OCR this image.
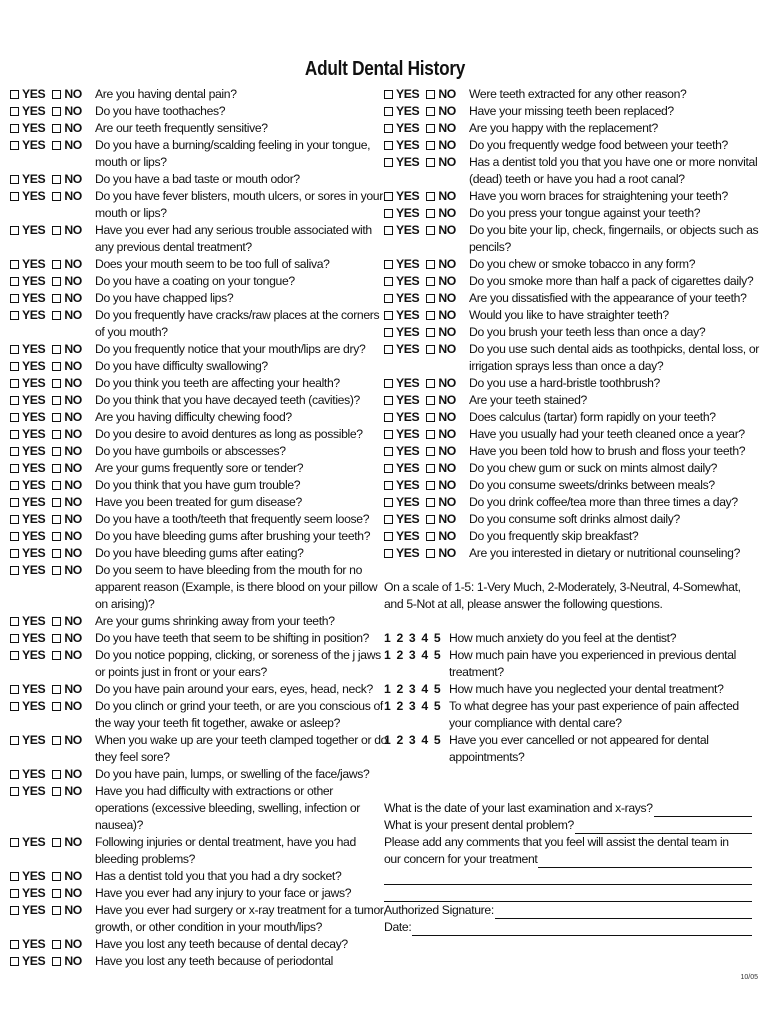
Adult Dental History
YES NO Are you having dental pain?
YES NO Do you have toothaches?
YES NO Are our teeth frequently sensitive?
YES NO Do you have a burning/scalding feeling in your tongue, mouth or lips?
YES NO Do you have a bad taste or mouth odor?
YES NO Do you have fever blisters, mouth ulcers, or sores in your mouth or lips?
YES NO Have you ever had any serious trouble associated with any previous dental treatment?
YES NO Does your mouth seem to be too full of saliva?
YES NO Do you have a coating on your tongue?
YES NO Do you have chapped lips?
YES NO Do you frequently have cracks/raw places at the corners of you mouth?
YES NO Do you frequently notice that your mouth/lips are dry?
YES NO Do you have difficulty swallowing?
YES NO Do you think you teeth are affecting your health?
YES NO Do you think that you have decayed teeth (cavities)?
YES NO Are you having difficulty chewing food?
YES NO Do you desire to avoid dentures as long as possible?
YES NO Do you have gumboils or abscesses?
YES NO Are your gums frequently sore or tender?
YES NO Do you think that you have gum trouble?
YES NO Have you been treated for gum disease?
YES NO Do you have a tooth/teeth that frequently seem loose?
YES NO Do you have bleeding gums after brushing your teeth?
YES NO Do you have bleeding gums after eating?
YES NO Do you seem to have bleeding from the mouth for no apparent reason (Example, is there blood on your pillow on arising)?
YES NO Are your gums shrinking away from your teeth?
YES NO Do you have teeth that seem to be shifting in position?
YES NO Do you notice popping, clicking, or soreness of the j jaws or points just in front or your ears?
YES NO Do you have pain around your ears, eyes, head, neck?
YES NO Do you clinch or grind your teeth, or are you conscious of the way your teeth fit together, awake or asleep?
YES NO When you wake up are your teeth clamped together or do they feel sore?
YES NO Do you have pain, lumps, or swelling of the face/jaws?
YES NO Have you had difficulty with extractions or other operations (excessive bleeding, swelling, infection or nausea)?
YES NO Following injuries or dental treatment, have you had bleeding problems?
YES NO Has a dentist told you that you had a dry socket?
YES NO Have you ever had any injury to your face or jaws?
YES NO Have you ever had surgery or x-ray treatment for a tumor, growth, or other condition in your mouth/lips?
YES NO Have you lost any teeth because of dental decay?
YES NO Have you lost any teeth because of periodontal
YES NO Were teeth extracted for any other reason?
YES NO Have your missing teeth been replaced?
YES NO Are you happy with the replacement?
YES NO Do you frequently wedge food between your teeth?
YES NO Has a dentist told you that you have one or more nonvital (dead) teeth or have you had a root canal?
YES NO Have you worn braces for straightening your teeth?
YES NO Do you press your tongue against your teeth?
YES NO Do you bite your lip, check, fingernails, or objects such as pencils?
YES NO Do you chew or smoke tobacco in any form?
YES NO Do you smoke more than half a pack of cigarettes daily?
YES NO Are you dissatisfied with the appearance of your teeth?
YES NO Would you like to have straighter teeth?
YES NO Do you brush your teeth less than once a day?
YES NO Do you use such dental aids as toothpicks, dental loss, or irrigation sprays less than once a day?
YES NO Do you use a hard-bristle toothbrush?
YES NO Are your teeth stained?
YES NO Does calculus (tartar) form rapidly on your teeth?
YES NO Have you usually had your teeth cleaned once a year?
YES NO Have you been told how to brush and floss your teeth?
YES NO Do you chew gum or suck on mints almost daily?
YES NO Do you consume sweets/drinks between meals?
YES NO Do you drink coffee/tea more than three times a day?
YES NO Do you consume soft drinks almost daily?
YES NO Do you frequently skip breakfast?
YES NO Are you interested in dietary or nutritional counseling?
On a scale of 1-5: 1-Very Much, 2-Moderately, 3-Neutral, 4-Somewhat, and 5-Not at all, please answer the following questions.
1 2 3 4 5 How much anxiety do you feel at the dentist?
1 2 3 4 5 How much pain have you experienced in previous dental treatment?
1 2 3 4 5 How much have you neglected your dental treatment?
1 2 3 4 5 To what degree has your past experience of pain affected your compliance with dental care?
1 2 3 4 5 Have you ever cancelled or not appeared for dental appointments?
What is the date of your last examination and x-rays?
What is your present dental problem?
Please add any comments that you feel will assist the dental team in
our concern for your treatment
Authorized Signature:
Date:
10/05
